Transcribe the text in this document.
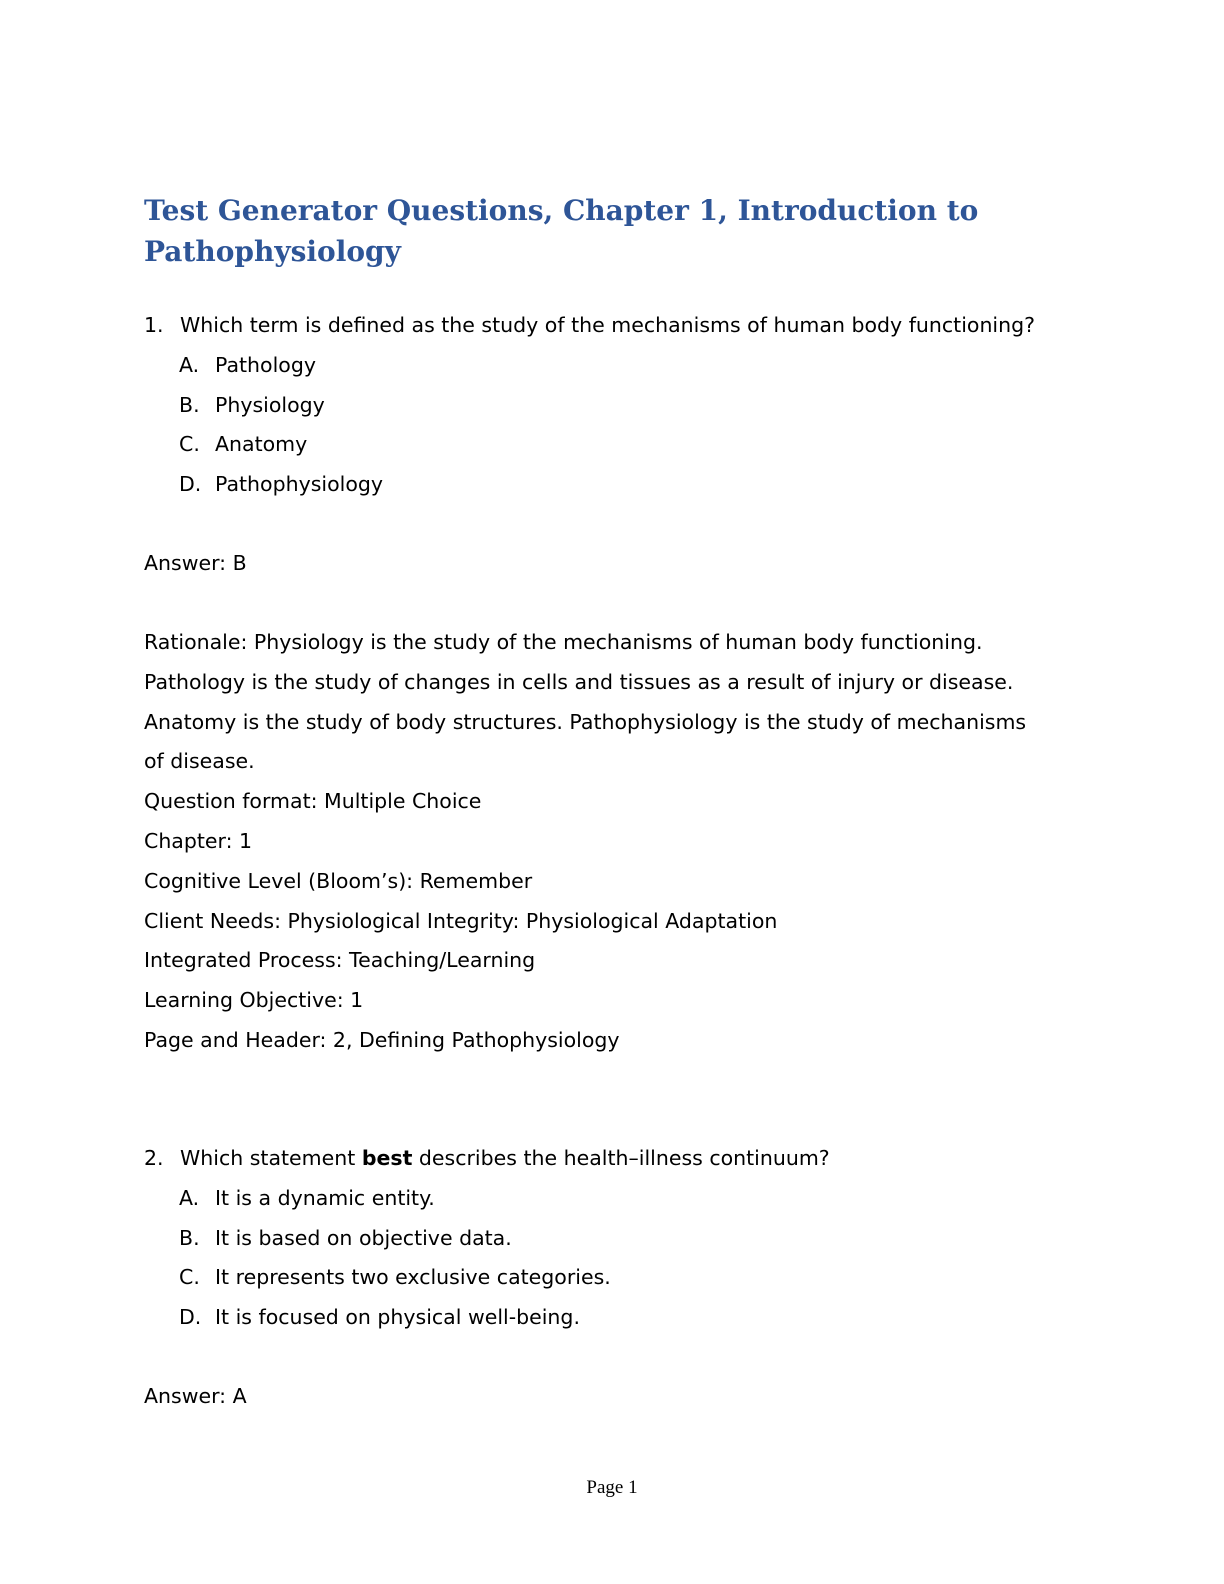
Test Generator Questions, Chapter 1, Introduction to
Pathophysiology
1. Which term is defined as the study of the mechanisms of human body functioning?
A. Pathology
B. Physiology
C. Anatomy
D. Pathophysiology
Answer: B
Rationale: Physiology is the study of the mechanisms of human body functioning.
Pathology is the study of changes in cells and tissues as a result of injury or disease.
Anatomy is the study of body structures. Pathophysiology is the study of mechanisms
of disease.
Question format: Multiple Choice
Chapter: 1
Cognitive Level (Bloom’s): Remember
Client Needs: Physiological Integrity: Physiological Adaptation
Integrated Process: Teaching/Learning
Learning Objective: 1
Page and Header: 2, Defining Pathophysiology
2. Which statement best describes the health–illness continuum?
A. It is a dynamic entity.
B. It is based on objective data.
C. It represents two exclusive categories.
D. It is focused on physical well-being.
Answer: A
Page 1
